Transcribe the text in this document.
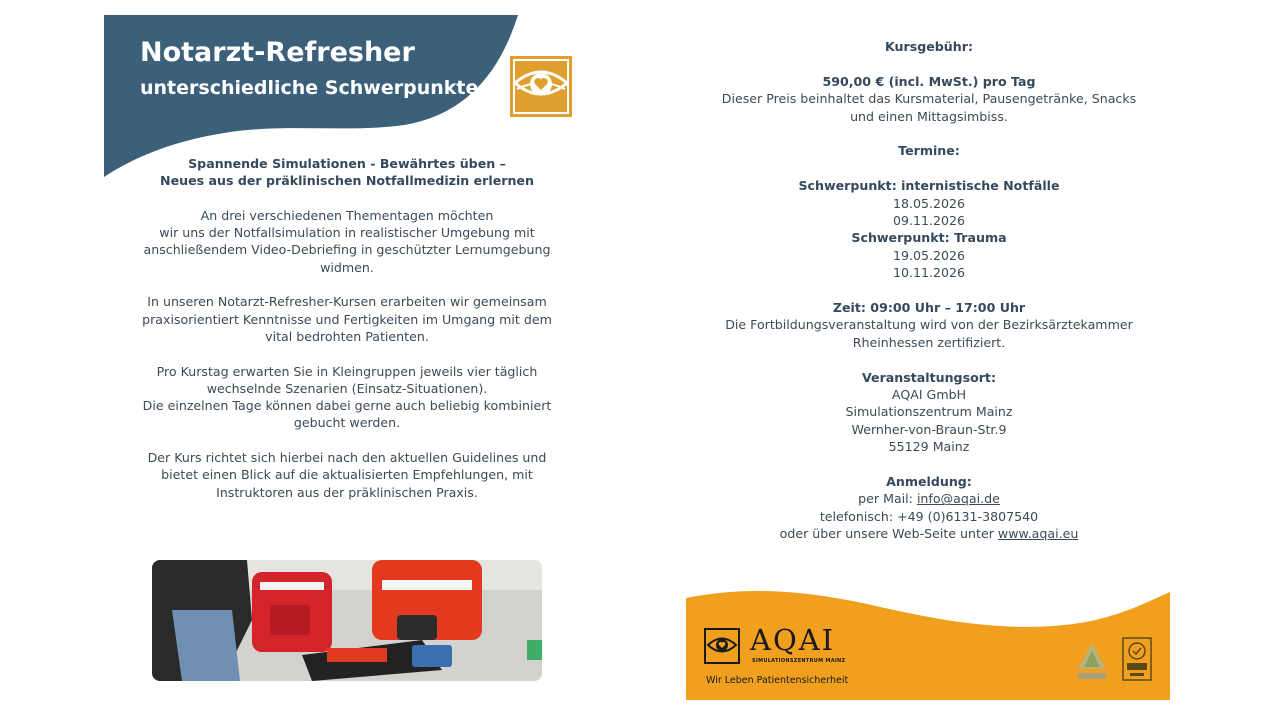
Notarzt-Refresher
unterschiedliche Schwerpunkte

Spannende Simulationen - Bewährtes üben –
Neues aus der präklinischen Notfallmedizin erlernen

An drei verschiedenen Thementagen möchten
wir uns der Notfallsimulation in realistischer Umgebung mit
anschließendem Video-Debriefing in geschützter Lernumgebung
widmen.

In unseren Notarzt-Refresher-Kursen erarbeiten wir gemeinsam
praxisorientiert Kenntnisse und Fertigkeiten im Umgang mit dem
vital bedrohten Patienten.

Pro Kurstag erwarten Sie in Kleingruppen jeweils vier täglich
wechselnde Szenarien (Einsatz-Situationen).
Die einzelnen Tage können dabei gerne auch beliebig kombiniert
gebucht werden.

Der Kurs richtet sich hierbei nach den aktuellen Guidelines und
bietet einen Blick auf die aktualisierten Empfehlungen, mit
Instruktoren aus der präklinischen Praxis.

Kursgebühr:
590,00 € (incl. MwSt.) pro Tag
Dieser Preis beinhaltet das Kursmaterial, Pausengetränke, Snacks
und einen Mittagsimbiss.
Termine:
Schwerpunkt: internistische Notfälle
18.05.2026
09.11.2026
Schwerpunkt: Trauma
19.05.2026
10.11.2026
Zeit: 09:00 Uhr – 17:00 Uhr
Die Fortbildungsveranstaltung wird von der Bezirksärztekammer
Rheinhessen zertifiziert.
Veranstaltungsort:
AQAI GmbH
Simulationszentrum Mainz
Wernher-von-Braun-Str.9
55129 Mainz
Anmeldung:
per Mail: info@aqai.de
telefonisch: +49 (0)6131-3807540
oder über unsere Web-Seite unter www.aqai.eu
AQAI
SIMULATIONSZENTRUM MAINZ
Wir Leben Patientensicherheit
